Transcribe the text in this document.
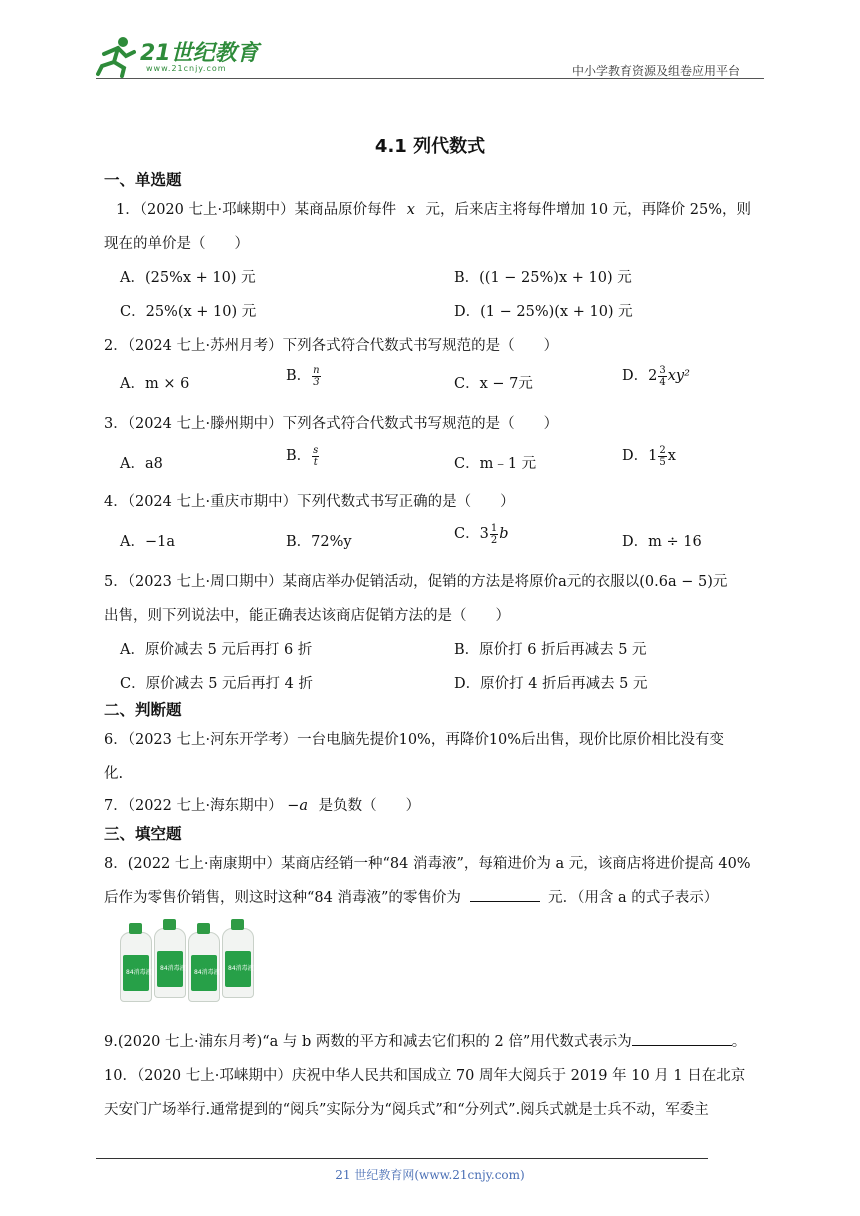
21世纪教育
www.21cnjy.com	中小学教育资源及组卷应用平台
4.1 列代数式
一、单选题
1．（2020 七上·邛崃期中）某商品原价每件 x 元，后来店主将每件增加 10 元，再降价 25%，则
现在的单价是（　　）
A．(25%x + 10) 元	B．((1 − 25%)x + 10) 元
C．25%(x + 10) 元	D．(1 − 25%)(x + 10) 元
2．（2024 七上·苏州月考）下列各式符合代数式书写规范的是（　　）
A．m × 6	B． $\frac{n}{3}$	C．x − 7元	D．$2 \frac{3}{4} xy^2$
3．（2024 七上·滕州期中）下列各式符合代数式书写规范的是（　　）
A．a8	B． $\frac{s}{t}$	C．m﹣1 元	D．$1 \frac{2}{5}$ x
4．（2024 七上·重庆市期中）下列代数式书写正确的是（　　）
A．−1a	B．72%y	C．$3 \frac{1}{2}$ b	D．m ÷ 16
5．（2023 七上·周口期中）某商店举办促销活动，促销的方法是将原价a元的衣服以(0.6a − 5)元
出售，则下列说法中，能正确表达该商店促销方法的是（　　）
A．原价减去 5 元后再打 6 折	B．原价打 6 折后再减去 5 元
C．原价减去 5 元后再打 4 折	D．原价打 4 折后再减去 5 元
二、判断题
6．（2023 七上·河东开学考）一台电脑先提价10%，再降价10%后出售，现价比原价相比没有变
化.
7．（2022 七上·海东期中） −a 是负数（　　）
三、填空题
8．(2022 七上·南康期中）某商店经销一种“84 消毒液”，每箱进价为 a 元，该商店将进价提高 40%
后作为零售价销售，则这时这种“84 消毒液”的零售价为	元．（用含 a 的式子表示）
84消毒液
84消毒液
84消毒液
84消毒液
9.(2020 七上·浦东月考)“a 与 b 两数的平方和减去它们积的 2 倍”用代数式表示为	。
10．（2020 七上·邛崃期中）庆祝中华人民共和国成立 70 周年大阅兵于 2019 年 10 月 1 日在北京
天安门广场举行.通常提到的“阅兵”实际分为“阅兵式”和“分列式”.阅兵式就是士兵不动，军委主
21 世纪教育网(www.21cnjy.com)
